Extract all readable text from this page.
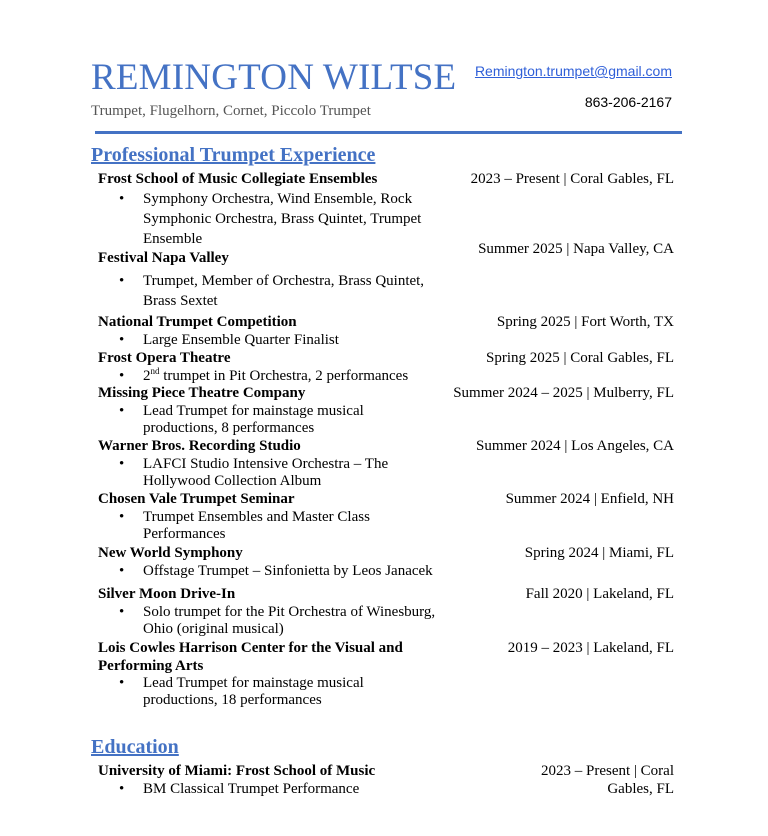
REMINGTON WILTSE
Trumpet, Flugelhorn, Cornet, Piccolo Trumpet
Remington.trumpet@gmail.com
863-206-2167
Professional Trumpet Experience
Frost School of Music Collegiate Ensembles	2023 – Present | Coral Gables, FL
• Symphony Orchestra, Wind Ensemble, Rock Symphonic Orchestra, Brass Quintet, Trumpet Ensemble
Festival Napa Valley
Summer 2025 | Napa Valley, CA
• Trumpet, Member of Orchestra, Brass Quintet, Brass Sextet
National Trumpet Competition	Spring 2025 | Fort Worth, TX
• Large Ensemble Quarter Finalist
Frost Opera Theatre	Spring 2025 | Coral Gables, FL
• 2nd trumpet in Pit Orchestra, 2 performances
Missing Piece Theatre Company	Summer 2024 – 2025 | Mulberry, FL
• Lead Trumpet for mainstage musical productions, 8 performances
Warner Bros. Recording Studio	Summer 2024 | Los Angeles, CA
• LAFCI Studio Intensive Orchestra – The Hollywood Collection Album
Chosen Vale Trumpet Seminar	Summer 2024 | Enfield, NH
• Trumpet Ensembles and Master Class Performances
New World Symphony	Spring 2024 | Miami, FL
• Offstage Trumpet – Sinfonietta by Leos Janacek
Silver Moon Drive-In	Fall 2020 | Lakeland, FL
• Solo trumpet for the Pit Orchestra of Winesburg, Ohio (original musical)
Lois Cowles Harrison Center for the Visual and Performing Arts
2019 – 2023 | Lakeland, FL
• Lead Trumpet for mainstage musical productions, 18 performances
Education
University of Miami: Frost School of Music	2023 – Present | Coral Gables, FL
• BM Classical Trumpet Performance
